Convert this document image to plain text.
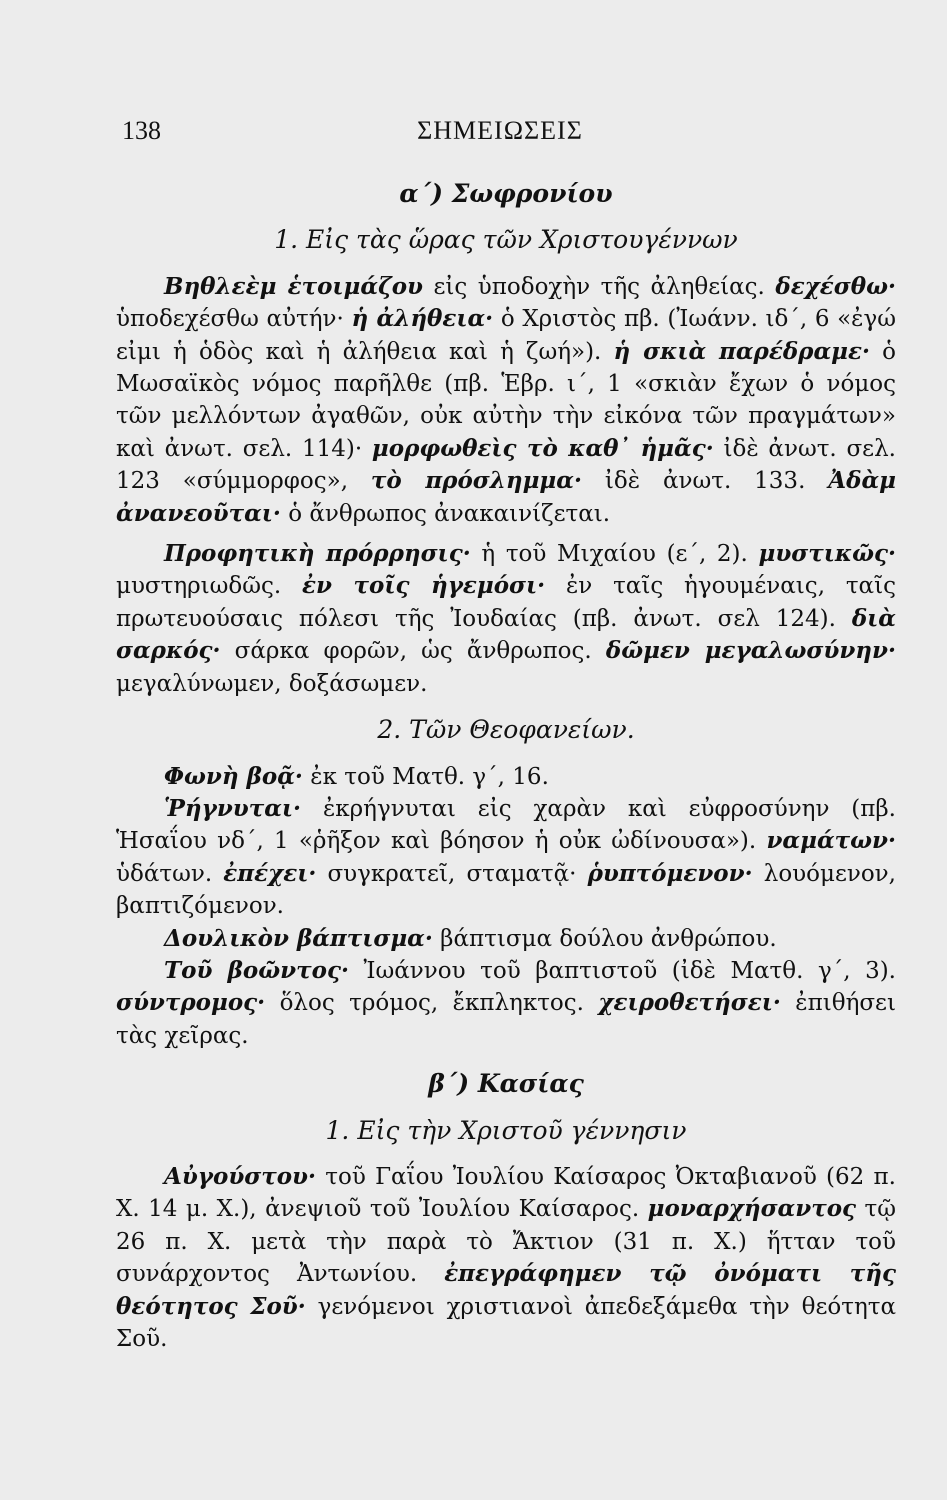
138	ΣΗΜΕΙΩΣΕΙΣ
α΄) Σωφρονίου
1. Εἰς τὰς ὥρας τῶν Χριστουγέννων

Βηθλεὲμ ἑτοιμάζου εἰς ὑποδοχὴν τῆς ἀληθείας. δεχέσθω· ὑποδεχέσθω αὐτήν· ἡ ἀλήθεια· ὁ Χριστὸς πβ. (Ἰωάνν. ιδ΄, 6 «ἐγώ εἰμι ἡ ὁδὸς καὶ ἡ ἀλήθεια καὶ ἡ ζωή»). ἡ σκιὰ παρέδραμε· ὁ Μωσαϊκὸς νόμος παρῆλθε (πβ. Ἑβρ. ι΄, 1 «σκιὰν ἔχων ὁ νόμος τῶν μελλόντων ἀγαθῶν, οὐκ αὐτὴν τὴν εἰκόνα τῶν πραγμάτων» καὶ ἀνωτ. σελ. 114)· μορφωθεὶς τὸ καθ᾽ ἡμᾶς· ἰδὲ ἀνωτ. σελ. 123 «σύμμορφος», τὸ πρόσλημμα· ἰδὲ ἀνωτ. 133. Ἀδὰμ ἀνανεοῦται· ὁ ἄνθρωπος ἀνακαινίζεται.

Προφητικὴ πρόρρησις· ἡ τοῦ Μιχαίου (ε΄, 2). μυστικῶς· μυστηριωδῶς. ἐν τοῖς ἡγεμόσι· ἐν ταῖς ἡγουμέναις, ταῖς πρωτευούσαις πόλεσι τῆς Ἰουδαίας (πβ. ἀνωτ. σελ 124). διὰ σαρκός· σάρκα φορῶν, ὡς ἄνθρωπος. δῶμεν μεγαλωσύνην· μεγαλύνωμεν, δοξάσωμεν.

2. Τῶν Θεοφανείων.

Φωνὴ βοᾷ· ἐκ τοῦ Ματθ. γ΄, 16.

Ῥήγνυται· ἐκρήγνυται εἰς χαρὰν καὶ εὐφροσύνην (πβ. Ἡσαΐου νδ΄, 1 «ῥῆξον καὶ βόησον ἡ οὐκ ὠδίνουσα»). ναμάτων· ὑδάτων. ἐπέχει· συγκρατεῖ, σταματᾷ· ῥυπτόμενον· λουόμενον, βαπτιζόμενον.

Δουλικὸν βάπτισμα· βάπτισμα δούλου ἀνθρώπου.

Τοῦ βοῶντος· Ἰωάννου τοῦ βαπτιστοῦ (ἰδὲ Ματθ. γ΄, 3). σύντρομος· ὅλος τρόμος, ἔκπληκτος. χειροθετήσει· ἐπιθήσει τὰς χεῖρας.

β΄) Κασίας
1. Εἰς τὴν Χριστοῦ γέννησιν

Αὐγούστου· τοῦ Γαΐου Ἰουλίου Καίσαρος Ὀκταβιανοῦ (62 π. Χ. 14 μ. Χ.), ἀνεψιοῦ τοῦ Ἰουλίου Καίσαρος. μοναρχήσαντος τῷ 26 π. Χ. μετὰ τὴν παρὰ τὸ Ἄκτιον (31 π. Χ.) ἥτταν τοῦ συνάρχοντος Ἀντωνίου. ἐπεγράφημεν τῷ ὀνόματι τῆς θεότητος Σοῦ· γενόμενοι χριστιανοὶ ἀπεδεξάμεθα τὴν θεότητα Σοῦ.
